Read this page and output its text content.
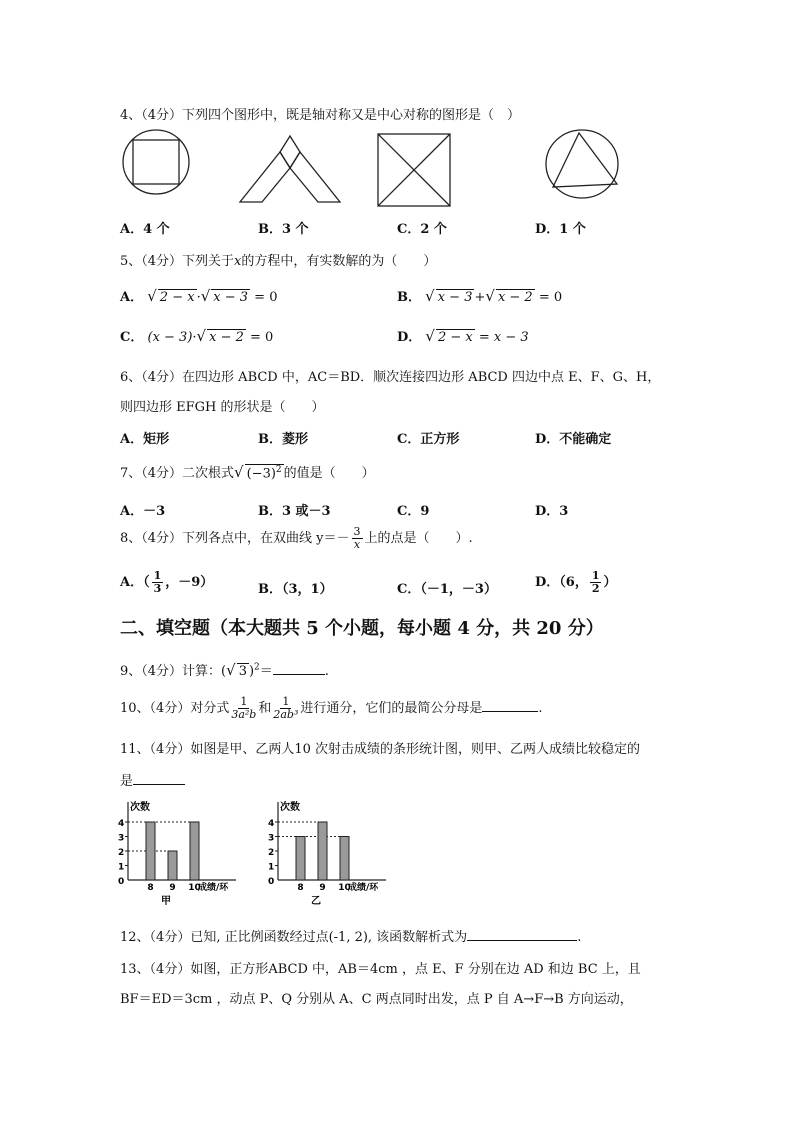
4、（4分）下列四个图形中，既是轴对称又是中心对称的图形是（　）
A．4 个	B．3 个	C．2 个	D．1 个
5、（4分）下列关于x的方程中，有实数解的为（　　）
A． √ 2 − x ·√ x − 3 = 0	B． √ x − 3 +√ x − 2 = 0
C． (x − 3)·√ x − 2 = 0	D． √ 2 − x = x − 3
6、（4分）在四边形 ABCD 中，AC＝BD．顺次连接四边形 ABCD 四边中点 E、F、G、H，
则四边形 EFGH 的形状是（　　）
A．矩形	B．菱形	C．正方形	D．不能确定
7、（4分）二次根式√ $(-3)^2$ 的值是（　　）
A．－3	B．3 或－3	C．9	D．3
8、（4分）下列各点中，在双曲线 $y=- \frac{3}{x}$ 上的点是（　　）.
A．（ $\frac{1}{3}$ ，－9）	B．（3，1）	C．（－1，－3）	D．（6， $\frac{1}{2}$ ）
二、填空题（本大题共 5 个小题，每小题 4 分，共 20 分）
9、（4分）计算：(√ 3 )$^2$＝	.
10、（4分）对分式 $\frac{1}{\text{3a²b}}$ 和 $\frac{1}{\text{2ab³}}$ 进行通分，它们的最简公分母是	.
11、（4分）如图是甲、乙两人10 次射击成绩的条形统计图，则甲、乙两人成绩比较稳定的
是
次数
成绩/环
4
3
2
1
0
8 9 10
甲
次数
成绩/环
4
3
2
1
0
8 9 10
乙
12、（4分）已知, 正比例函数经过点(-1, 2), 该函数解析式为	.
13、（4分）如图，正方形ABCD 中，AB＝4cm ，点 E、F 分别在边 AD 和边 BC 上，且
BF＝ED＝3cm ，动点 P、Q 分别从 A、C 两点同时出发，点 P 自 A→F→B 方向运动，
